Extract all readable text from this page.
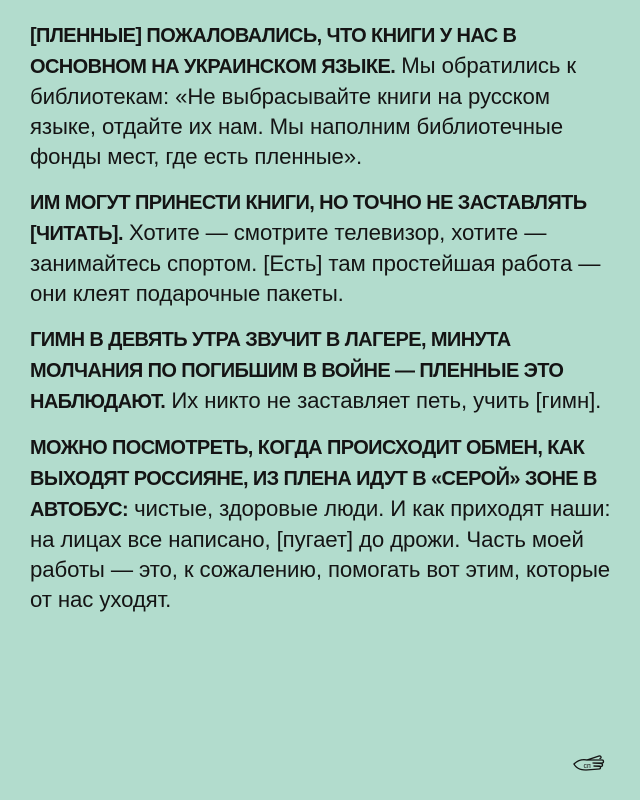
[ПЛЕННЫЕ] ПОЖАЛОВАЛИСЬ, ЧТО КНИГИ У НАС В ОСНОВНОМ НА УКРАИНСКОМ ЯЗЫКЕ. Мы обратились к библиотекам: «Не выбрасывайте книги на русском языке, отдайте их нам. Мы наполним библиотечные фонды мест, где есть пленные».

ИМ МОГУТ ПРИНЕСТИ КНИГИ, НО ТОЧНО НЕ ЗАСТАВЛЯТЬ [ЧИТАТЬ]. Хотите — смотрите телевизор, хотите — занимайтесь спортом. [Есть] там простейшая работа — они клеят подарочные пакеты.

ГИМН В ДЕВЯТЬ УТРА ЗВУЧИТ В ЛАГЕРЕ, МИНУТА МОЛЧАНИЯ ПО ПОГИБШИМ В ВОЙНЕ — ПЛЕННЫЕ ЭТО НАБЛЮДАЮТ. Их никто не заставляет петь, учить [гимн].

МОЖНО ПОСМОТРЕТЬ, КОГДА ПРОИСХОДИТ ОБМЕН, КАК ВЫХОДЯТ РОССИЯНЕ, ИЗ ПЛЕНА ИДУТ В «СЕРОЙ» ЗОНЕ В АВТОБУС: чистые, здоровые люди. И как приходят наши: на лицах все написано, [пугает] до дрожи. Часть моей работы — это, к сожалению, помогать вот этим, которые от нас уходят.

сп
